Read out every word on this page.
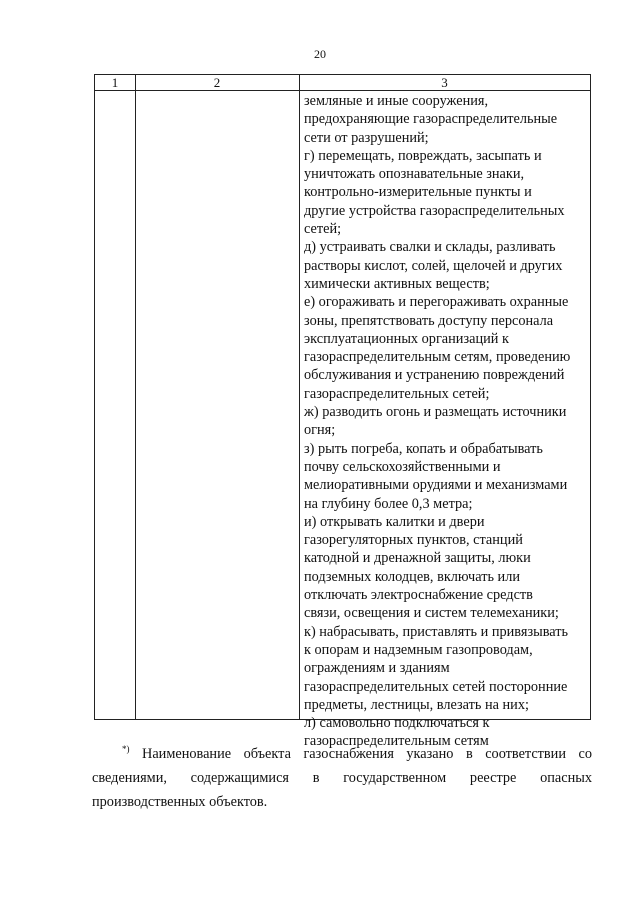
20
1	2	3
земляные и иные сооружения,
предохраняющие газораспределительные
сети от разрушений;
г) перемещать, повреждать, засыпать и
уничтожать опознавательные знаки,
контрольно-измерительные пункты и
другие устройства газораспределительных
сетей;
д) устраивать свалки и склады, разливать
растворы кислот, солей, щелочей и других
химически активных веществ;
е) огораживать и перегораживать охранные
зоны, препятствовать доступу персонала
эксплуатационных организаций к
газораспределительным сетям, проведению
обслуживания и устранению повреждений
газораспределительных сетей;
ж) разводить огонь и размещать источники
огня;
з) рыть погреба, копать и обрабатывать
почву сельскохозяйственными и
мелиоративными орудиями и механизмами
на глубину более 0,3 метра;
и) открывать калитки и двери
газорегуляторных пунктов, станций
катодной и дренажной защиты, люки
подземных колодцев, включать или
отключать электроснабжение средств
связи, освещения и систем телемеханики;
к) набрасывать, приставлять и привязывать
к опорам и надземным газопроводам,
ограждениям и зданиям
газораспределительных сетей посторонние
предметы, лестницы, влезать на них;
л) самовольно подключаться к
газораспределительным сетям
*) Наименование объекта газоснабжения указано в соответствии со
сведениями, содержащимися в государственном реестре опасных
производственных объектов.
